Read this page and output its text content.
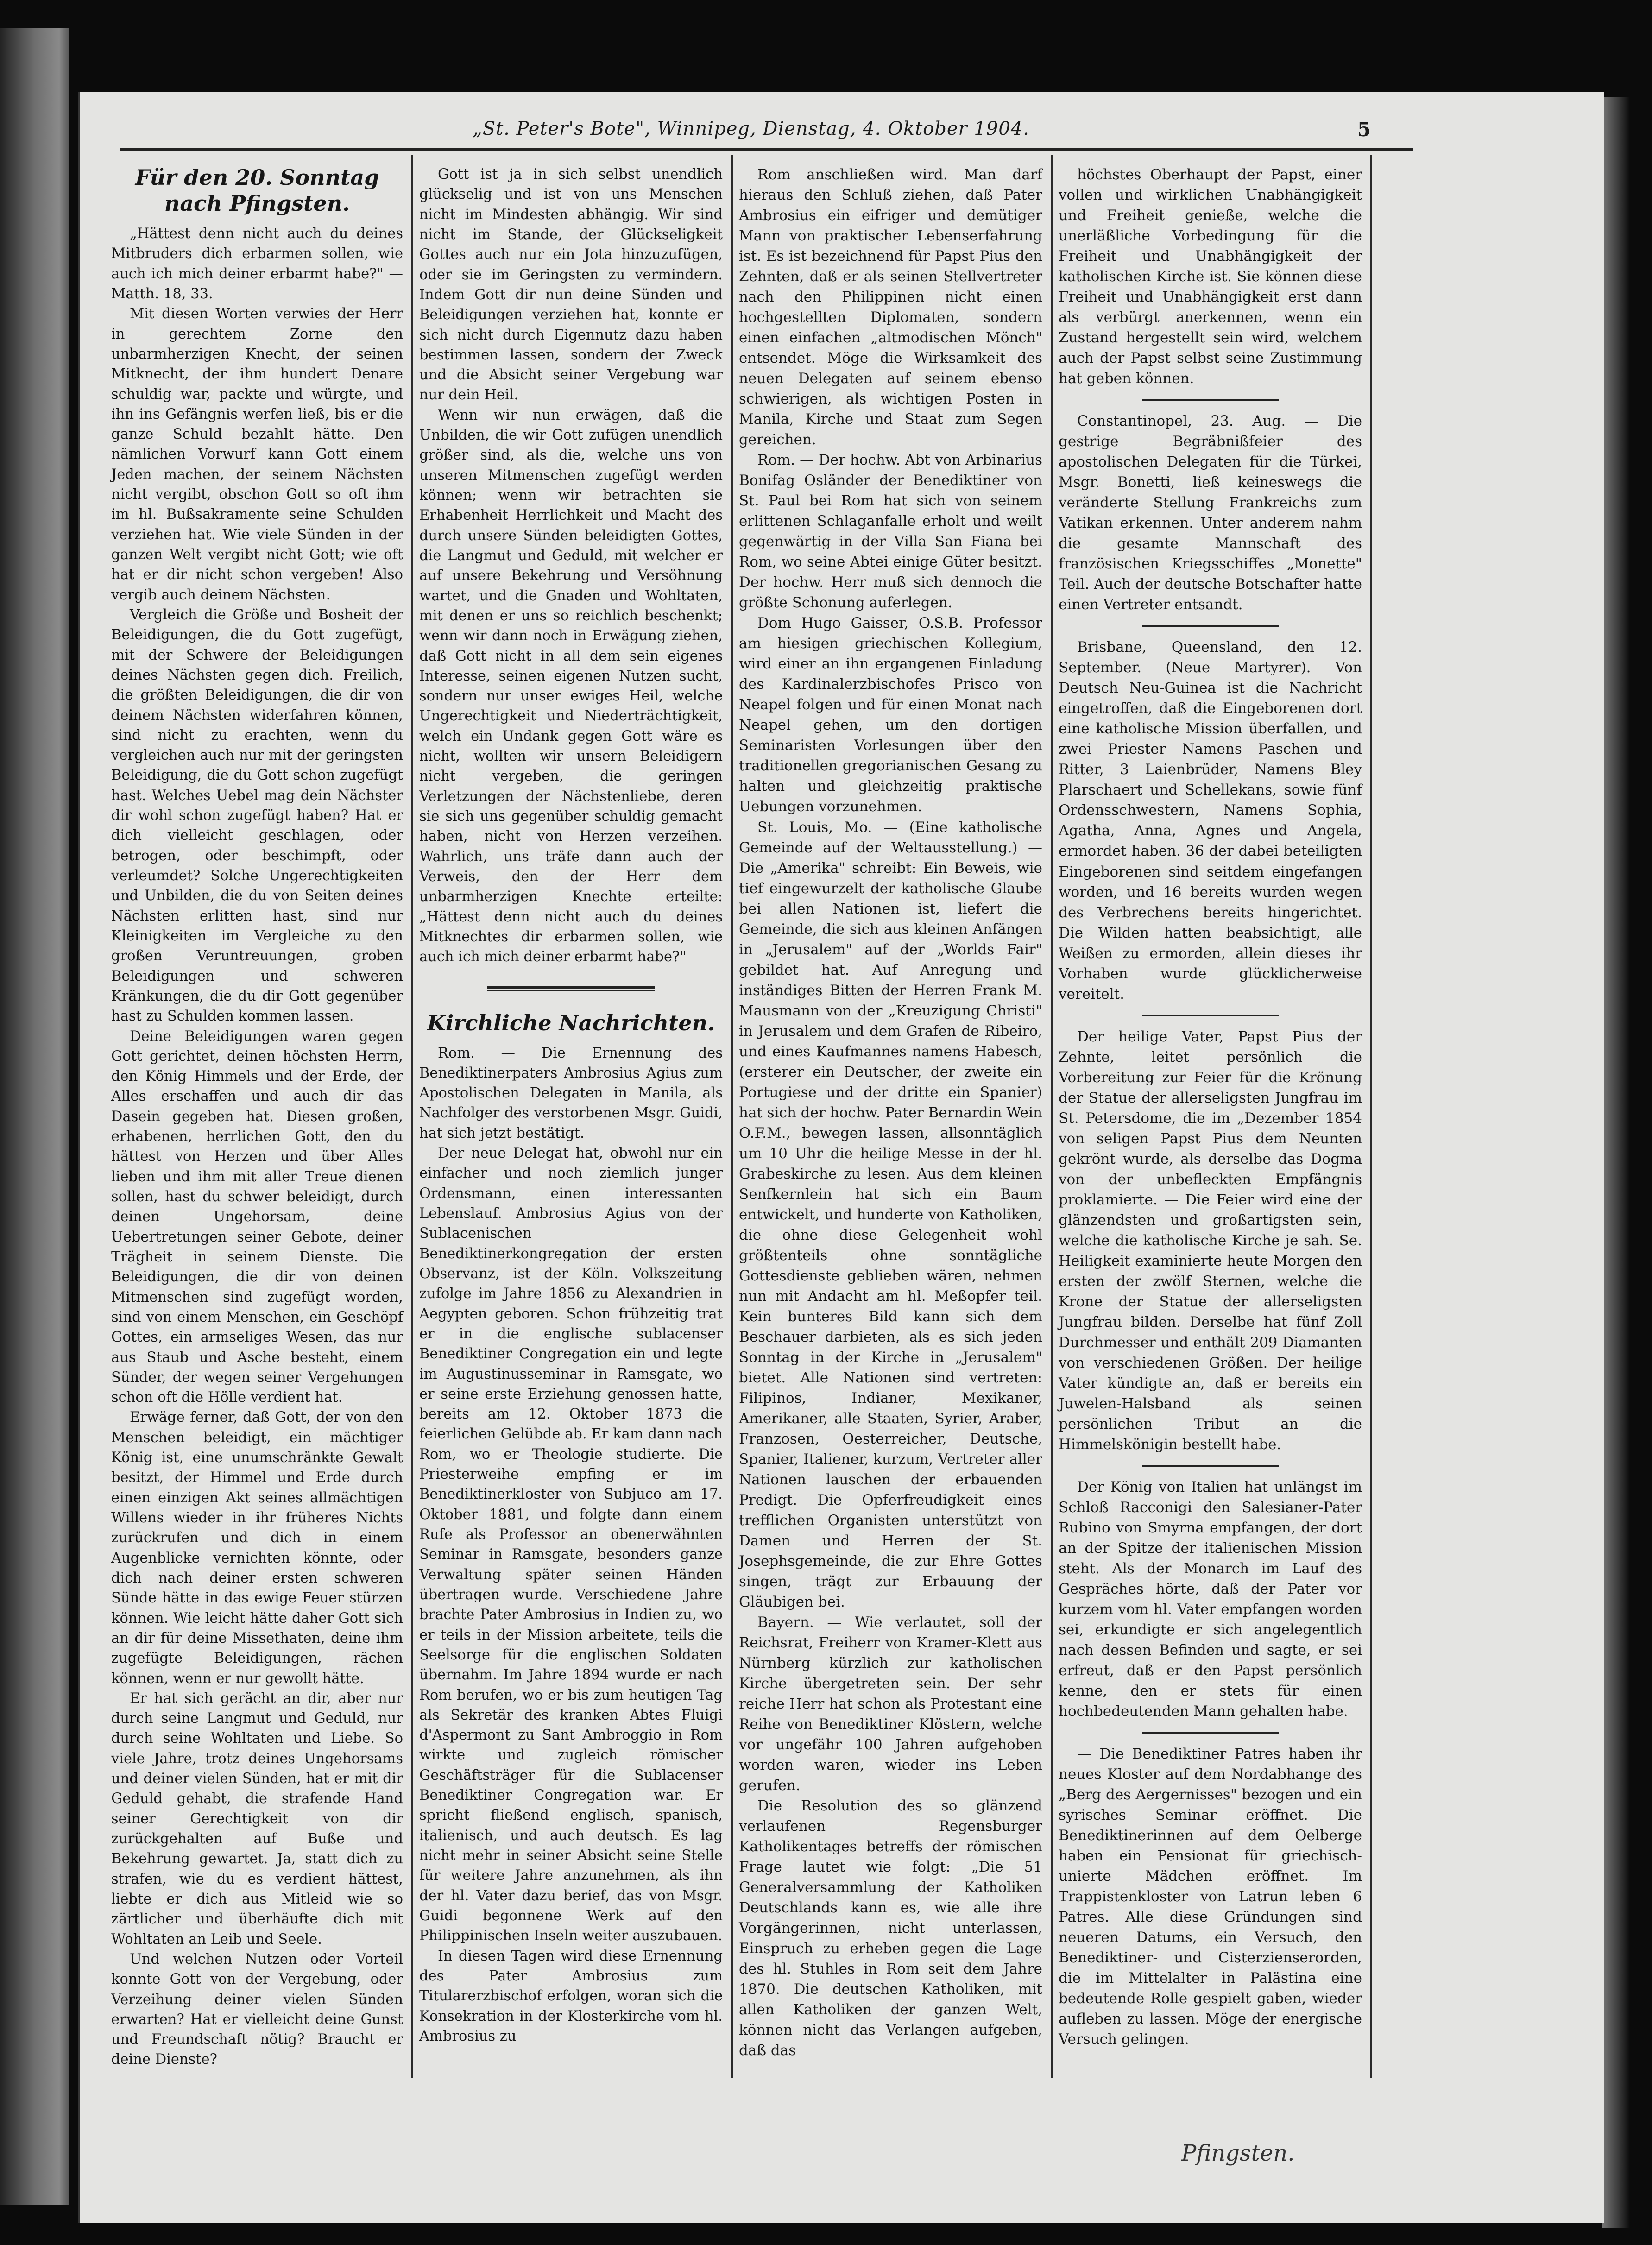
„St. Peter's Bote", Winnipeg, Dienstag, 4. Oktober 1904.	5
Für den 20. Sonntag nach Pfingsten.

„Hättest denn nicht auch du deines Mitbruders dich erbarmen sollen, wie auch ich mich deiner erbarmt habe?" — Matth. 18, 33.

Mit diesen Worten verwies der Herr in gerechtem Zorne den unbarmherzigen Knecht, der seinen Mitknecht, der ihm hundert Denare schuldig war, packte und würgte, und ihn ins Gefängnis werfen ließ, bis er die ganze Schuld bezahlt hätte. Den nämlichen Vorwurf kann Gott einem Jeden machen, der seinem Nächsten nicht vergibt, obschon Gott so oft ihm im hl. Bußsakramente seine Schulden verziehen hat. Wie viele Sünden in der ganzen Welt vergibt nicht Gott; wie oft hat er dir nicht schon vergeben! Also vergib auch deinem Nächsten.

Vergleich die Größe und Bosheit der Beleidigungen, die du Gott zugefügt, mit der Schwere der Beleidigungen deines Nächsten gegen dich. Freilich, die größten Beleidigungen, die dir von deinem Nächsten widerfahren können, sind nicht zu erachten, wenn du vergleichen auch nur mit der geringsten Beleidigung, die du Gott schon zugefügt hast. Welches Uebel mag dein Nächster dir wohl schon zugefügt haben? Hat er dich vielleicht geschlagen, oder betrogen, oder beschimpft, oder verleumdet? Solche Ungerechtigkeiten und Unbilden, die du von Seiten deines Nächsten erlitten hast, sind nur Kleinigkeiten im Vergleiche zu den großen Veruntreuungen, groben Beleidigungen und schweren Kränkungen, die du dir Gott gegenüber hast zu Schulden kommen lassen.

Deine Beleidigungen waren gegen Gott gerichtet, deinen höchsten Herrn, den König Himmels und der Erde, der Alles erschaffen und auch dir das Dasein gegeben hat. Diesen großen, erhabenen, herrlichen Gott, den du hättest von Herzen und über Alles lieben und ihm mit aller Treue dienen sollen, hast du schwer beleidigt, durch deinen Ungehorsam, deine Uebertretungen seiner Gebote, deiner Trägheit in seinem Dienste. Die Beleidigungen, die dir von deinen Mitmenschen sind zugefügt worden, sind von einem Menschen, ein Geschöpf Gottes, ein armseliges Wesen, das nur aus Staub und Asche besteht, einem Sünder, der wegen seiner Vergehungen schon oft die Hölle verdient hat.

Erwäge ferner, daß Gott, der von den Menschen beleidigt, ein mächtiger König ist, eine unumschränkte Gewalt besitzt, der Himmel und Erde durch einen einzigen Akt seines allmächtigen Willens wieder in ihr früheres Nichts zurückrufen und dich in einem Augenblicke vernichten könnte, oder dich nach deiner ersten schweren Sünde hätte in das ewige Feuer stürzen können. Wie leicht hätte daher Gott sich an dir für deine Missethaten, deine ihm zugefügte Beleidigungen, rächen können, wenn er nur gewollt hätte.

Er hat sich gerächt an dir, aber nur durch seine Langmut und Geduld, nur durch seine Wohltaten und Liebe. So viele Jahre, trotz deines Ungehorsams und deiner vielen Sünden, hat er mit dir Geduld gehabt, die strafende Hand seiner Gerechtigkeit von dir zurückgehalten auf Buße und Bekehrung gewartet. Ja, statt dich zu strafen, wie du es verdient hättest, liebte er dich aus Mitleid wie so zärtlicher und überhäufte dich mit Wohltaten an Leib und Seele.

Und welchen Nutzen oder Vorteil konnte Gott von der Vergebung, oder Verzeihung deiner vielen Sünden erwarten? Hat er vielleicht deine Gunst und Freundschaft nötig? Braucht er deine Dienste?

Gott ist ja in sich selbst unendlich glückselig und ist von uns Menschen nicht im Mindesten abhängig. Wir sind nicht im Stande, der Glückseligkeit Gottes auch nur ein Jota hinzuzufügen, oder sie im Geringsten zu vermindern. Indem Gott dir nun deine Sünden und Beleidigungen verziehen hat, konnte er sich nicht durch Eigennutz dazu haben bestimmen lassen, sondern der Zweck und die Absicht seiner Vergebung war nur dein Heil.

Wenn wir nun erwägen, daß die Unbilden, die wir Gott zufügen unendlich größer sind, als die, welche uns von unseren Mitmenschen zugefügt werden können; wenn wir betrachten sie Erhabenheit Herrlichkeit und Macht des durch unsere Sünden beleidigten Gottes, die Langmut und Geduld, mit welcher er auf unsere Bekehrung und Versöhnung wartet, und die Gnaden und Wohltaten, mit denen er uns so reichlich beschenkt; wenn wir dann noch in Erwägung ziehen, daß Gott nicht in all dem sein eigenes Interesse, seinen eigenen Nutzen sucht, sondern nur unser ewiges Heil, welche Ungerechtigkeit und Niederträchtigkeit, welch ein Undank gegen Gott wäre es nicht, wollten wir unsern Beleidigern nicht vergeben, die geringen Verletzungen der Nächstenliebe, deren sie sich uns gegenüber schuldig gemacht haben, nicht von Herzen verzeihen. Wahrlich, uns träfe dann auch der Verweis, den der Herr dem unbarmherzigen Knechte erteilte: „Hättest denn nicht auch du deines Mitknechtes dir erbarmen sollen, wie auch ich mich deiner erbarmt habe?"

Kirchliche Nachrichten.

Rom. — Die Ernennung des Benediktinerpaters Ambrosius Agius zum Apostolischen Delegaten in Manila, als Nachfolger des verstorbenen Msgr. Guidi, hat sich jetzt bestätigt.

Der neue Delegat hat, obwohl nur ein einfacher und noch ziemlich junger Ordensmann, einen interessanten Lebenslauf. Ambrosius Agius von der Sublacenischen Benediktinerkongregation der ersten Observanz, ist der Köln. Volkszeitung zufolge im Jahre 1856 zu Alexandrien in Aegypten geboren. Schon frühzeitig trat er in die englische sublacenser Benediktiner Congregation ein und legte im Augustinusseminar in Ramsgate, wo er seine erste Erziehung genossen hatte, bereits am 12. Oktober 1873 die feierlichen Gelübde ab. Er kam dann nach Rom, wo er Theologie studierte. Die Priesterweihe empfing er im Benediktinerkloster von Subjuco am 17. Oktober 1881, und folgte dann einem Rufe als Professor an obenerwähnten Seminar in Ramsgate, besonders ganze Verwaltung später seinen Händen übertragen wurde. Verschiedene Jahre brachte Pater Ambrosius in Indien zu, wo er teils in der Mission arbeitete, teils die Seelsorge für die englischen Soldaten übernahm. Im Jahre 1894 wurde er nach Rom berufen, wo er bis zum heutigen Tag als Sekretär des kranken Abtes Fluigi d'Aspermont zu Sant Ambroggio in Rom wirkte und zugleich römischer Geschäftsträger für die Sublacenser Benediktiner Congregation war. Er spricht fließend englisch, spanisch, italienisch, und auch deutsch. Es lag nicht mehr in seiner Absicht seine Stelle für weitere Jahre anzunehmen, als ihn der hl. Vater dazu berief, das von Msgr. Guidi begonnene Werk auf den Philippinischen Inseln weiter auszubauen.

In diesen Tagen wird diese Ernennung des Pater Ambrosius zum Titularerzbischof erfolgen, woran sich die Konsekration in der Klosterkirche vom hl. Ambrosius zu

Rom anschließen wird. Man darf hieraus den Schluß ziehen, daß Pater Ambrosius ein eifriger und demütiger Mann von praktischer Lebenserfahrung ist. Es ist bezeichnend für Papst Pius den Zehnten, daß er als seinen Stellvertreter nach den Philippinen nicht einen hochgestellten Diplomaten, sondern einen einfachen „altmodischen Mönch" entsendet. Möge die Wirksamkeit des neuen Delegaten auf seinem ebenso schwierigen, als wichtigen Posten in Manila, Kirche und Staat zum Segen gereichen.

Rom. — Der hochw. Abt von Arbinarius Bonifag Osländer der Benediktiner von St. Paul bei Rom hat sich von seinem erlittenen Schlaganfalle erholt und weilt gegenwärtig in der Villa San Fiana bei Rom, wo seine Abtei einige Güter besitzt. Der hochw. Herr muß sich dennoch die größte Schonung auferlegen.

Dom Hugo Gaisser, O.S.B. Professor am hiesigen griechischen Kollegium, wird einer an ihn ergangenen Einladung des Kardinalerzbischofes Prisco von Neapel folgen und für einen Monat nach Neapel gehen, um den dortigen Seminaristen Vorlesungen über den traditionellen gregorianischen Gesang zu halten und gleichzeitig praktische Uebungen vorzunehmen.

St. Louis, Mo. — (Eine katholische Gemeinde auf der Weltausstellung.) — Die „Amerika" schreibt: Ein Beweis, wie tief eingewurzelt der katholische Glaube bei allen Nationen ist, liefert die Gemeinde, die sich aus kleinen Anfängen in „Jerusalem" auf der „Worlds Fair" gebildet hat. Auf Anregung und inständiges Bitten der Herren Frank M. Mausmann von der „Kreuzigung Christi" in Jerusalem und dem Grafen de Ribeiro, und eines Kaufmannes namens Habesch, (ersterer ein Deutscher, der zweite ein Portugiese und der dritte ein Spanier) hat sich der hochw. Pater Bernardin Wein O.F.M., bewegen lassen, allsonntäglich um 10 Uhr die heilige Messe in der hl. Grabeskirche zu lesen. Aus dem kleinen Senfkernlein hat sich ein Baum entwickelt, und hunderte von Katholiken, die ohne diese Gelegenheit wohl größtenteils ohne sonntägliche Gottesdienste geblieben wären, nehmen nun mit Andacht am hl. Meßopfer teil. Kein bunteres Bild kann sich dem Beschauer darbieten, als es sich jeden Sonntag in der Kirche in „Jerusalem" bietet. Alle Nationen sind vertreten: Filipinos, Indianer, Mexikaner, Amerikaner, alle Staaten, Syrier, Araber, Franzosen, Oesterreicher, Deutsche, Spanier, Italiener, kurzum, Vertreter aller Nationen lauschen der erbauenden Predigt. Die Opferfreudigkeit eines trefflichen Organisten unterstützt von Damen und Herren der St. Josephsgemeinde, die zur Ehre Gottes singen, trägt zur Erbauung der Gläubigen bei.

Bayern. — Wie verlautet, soll der Reichsrat, Freiherr von Kramer-Klett aus Nürnberg kürzlich zur katholischen Kirche übergetreten sein. Der sehr reiche Herr hat schon als Protestant eine Reihe von Benediktiner Klöstern, welche vor ungefähr 100 Jahren aufgehoben worden waren, wieder ins Leben gerufen.

Die Resolution des so glänzend verlaufenen Regensburger Katholikentages betreffs der römischen Frage lautet wie folgt: „Die 51 Generalversammlung der Katholiken Deutschlands kann es, wie alle ihre Vorgängerinnen, nicht unterlassen, Einspruch zu erheben gegen die Lage des hl. Stuhles in Rom seit dem Jahre 1870. Die deutschen Katholiken, mit allen Katholiken der ganzen Welt, können nicht das Verlangen aufgeben, daß das

höchstes Oberhaupt der Papst, einer vollen und wirklichen Unabhängigkeit und Freiheit genieße, welche die unerläßliche Vorbedingung für die Freiheit und Unabhängigkeit der katholischen Kirche ist. Sie können diese Freiheit und Unabhängigkeit erst dann als verbürgt anerkennen, wenn ein Zustand hergestellt sein wird, welchem auch der Papst selbst seine Zustimmung hat geben können.

Constantinopel, 23. Aug. — Die gestrige Begräbnißfeier des apostolischen Delegaten für die Türkei, Msgr. Bonetti, ließ keineswegs die veränderte Stellung Frankreichs zum Vatikan erkennen. Unter anderem nahm die gesamte Mannschaft des französischen Kriegsschiffes „Monette" Teil. Auch der deutsche Botschafter hatte einen Vertreter entsandt.

Brisbane, Queensland, den 12. September. (Neue Martyrer). Von Deutsch Neu-Guinea ist die Nachricht eingetroffen, daß die Eingeborenen dort eine katholische Mission überfallen, und zwei Priester Namens Paschen und Ritter, 3 Laienbrüder, Namens Bley Plarschaert und Schellekans, sowie fünf Ordensschwestern, Namens Sophia, Agatha, Anna, Agnes und Angela, ermordet haben. 36 der dabei beteiligten Eingeborenen sind seitdem eingefangen worden, und 16 bereits wurden wegen des Verbrechens bereits hingerichtet. Die Wilden hatten beabsichtigt, alle Weißen zu ermorden, allein dieses ihr Vorhaben wurde glücklicherweise vereitelt.

Der heilige Vater, Papst Pius der Zehnte, leitet persönlich die Vorbereitung zur Feier für die Krönung der Statue der allerseligsten Jungfrau im St. Petersdome, die im „Dezember 1854 von seligen Papst Pius dem Neunten gekrönt wurde, als derselbe das Dogma von der unbefleckten Empfängnis proklamierte. — Die Feier wird eine der glänzendsten und großartigsten sein, welche die katholische Kirche je sah. Se. Heiligkeit examinierte heute Morgen den ersten der zwölf Sternen, welche die Krone der Statue der allerseligsten Jungfrau bilden. Derselbe hat fünf Zoll Durchmesser und enthält 209 Diamanten von verschiedenen Größen. Der heilige Vater kündigte an, daß er bereits ein Juwelen-Halsband als seinen persönlichen Tribut an die Himmelskönigin bestellt habe.

Der König von Italien hat unlängst im Schloß Racconigi den Salesianer-Pater Rubino von Smyrna empfangen, der dort an der Spitze der italienischen Mission steht. Als der Monarch im Lauf des Gespräches hörte, daß der Pater vor kurzem vom hl. Vater empfangen worden sei, erkundigte er sich angelegentlich nach dessen Befinden und sagte, er sei erfreut, daß er den Papst persönlich kenne, den er stets für einen hochbedeutenden Mann gehalten habe.

— Die Benediktiner Patres haben ihr neues Kloster auf dem Nordabhange des „Berg des Aergernisses" bezogen und ein syrisches Seminar eröffnet. Die Benediktinerinnen auf dem Oelberge haben ein Pensionat für griechisch-unierte Mädchen eröffnet. Im Trappistenkloster von Latrun leben 6 Patres. Alle diese Gründungen sind neueren Datums, ein Versuch, den Benediktiner- und Cisterzienserorden, die im Mittelalter in Palästina eine bedeutende Rolle gespielt gaben, wieder aufleben zu lassen. Möge der energische Versuch gelingen.

Pfingsten.
